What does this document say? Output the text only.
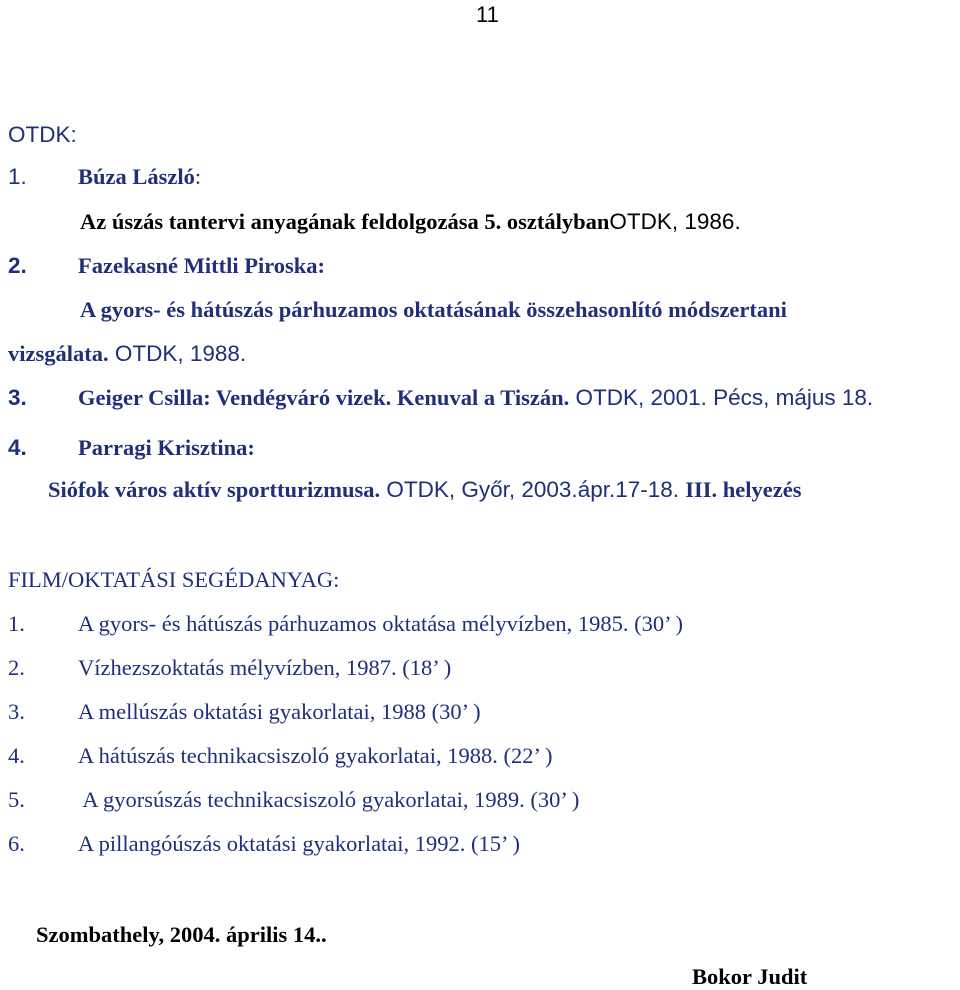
11
OTDK:
1. Búza László:
Az úszás tantervi anyagának feldolgozása 5. osztálybanOTDK, 1986.
2. Fazekasné Mittli Piroska:
A gyors- és hátúszás párhuzamos oktatásának összehasonlító módszertani
vizsgálata. OTDK, 1988.
3. Geiger Csilla: Vendégváró vizek. Kenuval a Tiszán. OTDK, 2001. Pécs, május 18.
4. Parragi Krisztina:
Siófok város aktív sportturizmusa. OTDK, Győr, 2003.ápr.17-18. III. helyezés
FILM/OKTATÁSI SEGÉDANYAG:
1. A gyors- és hátúszás párhuzamos oktatása mélyvízben, 1985. (30’ )
2. Vízhezszoktatás mélyvízben, 1987. (18’ )
3. A mellúszás oktatási gyakorlatai, 1988 (30’ )
4. A hátúszás technikacsiszoló gyakorlatai, 1988. (22’ )
5. A gyorsúszás technikacsiszoló gyakorlatai, 1989. (30’ )
6. A pillangóúszás oktatási gyakorlatai, 1992. (15’ )
Szombathely, 2004. április 14..
Bokor Judit
